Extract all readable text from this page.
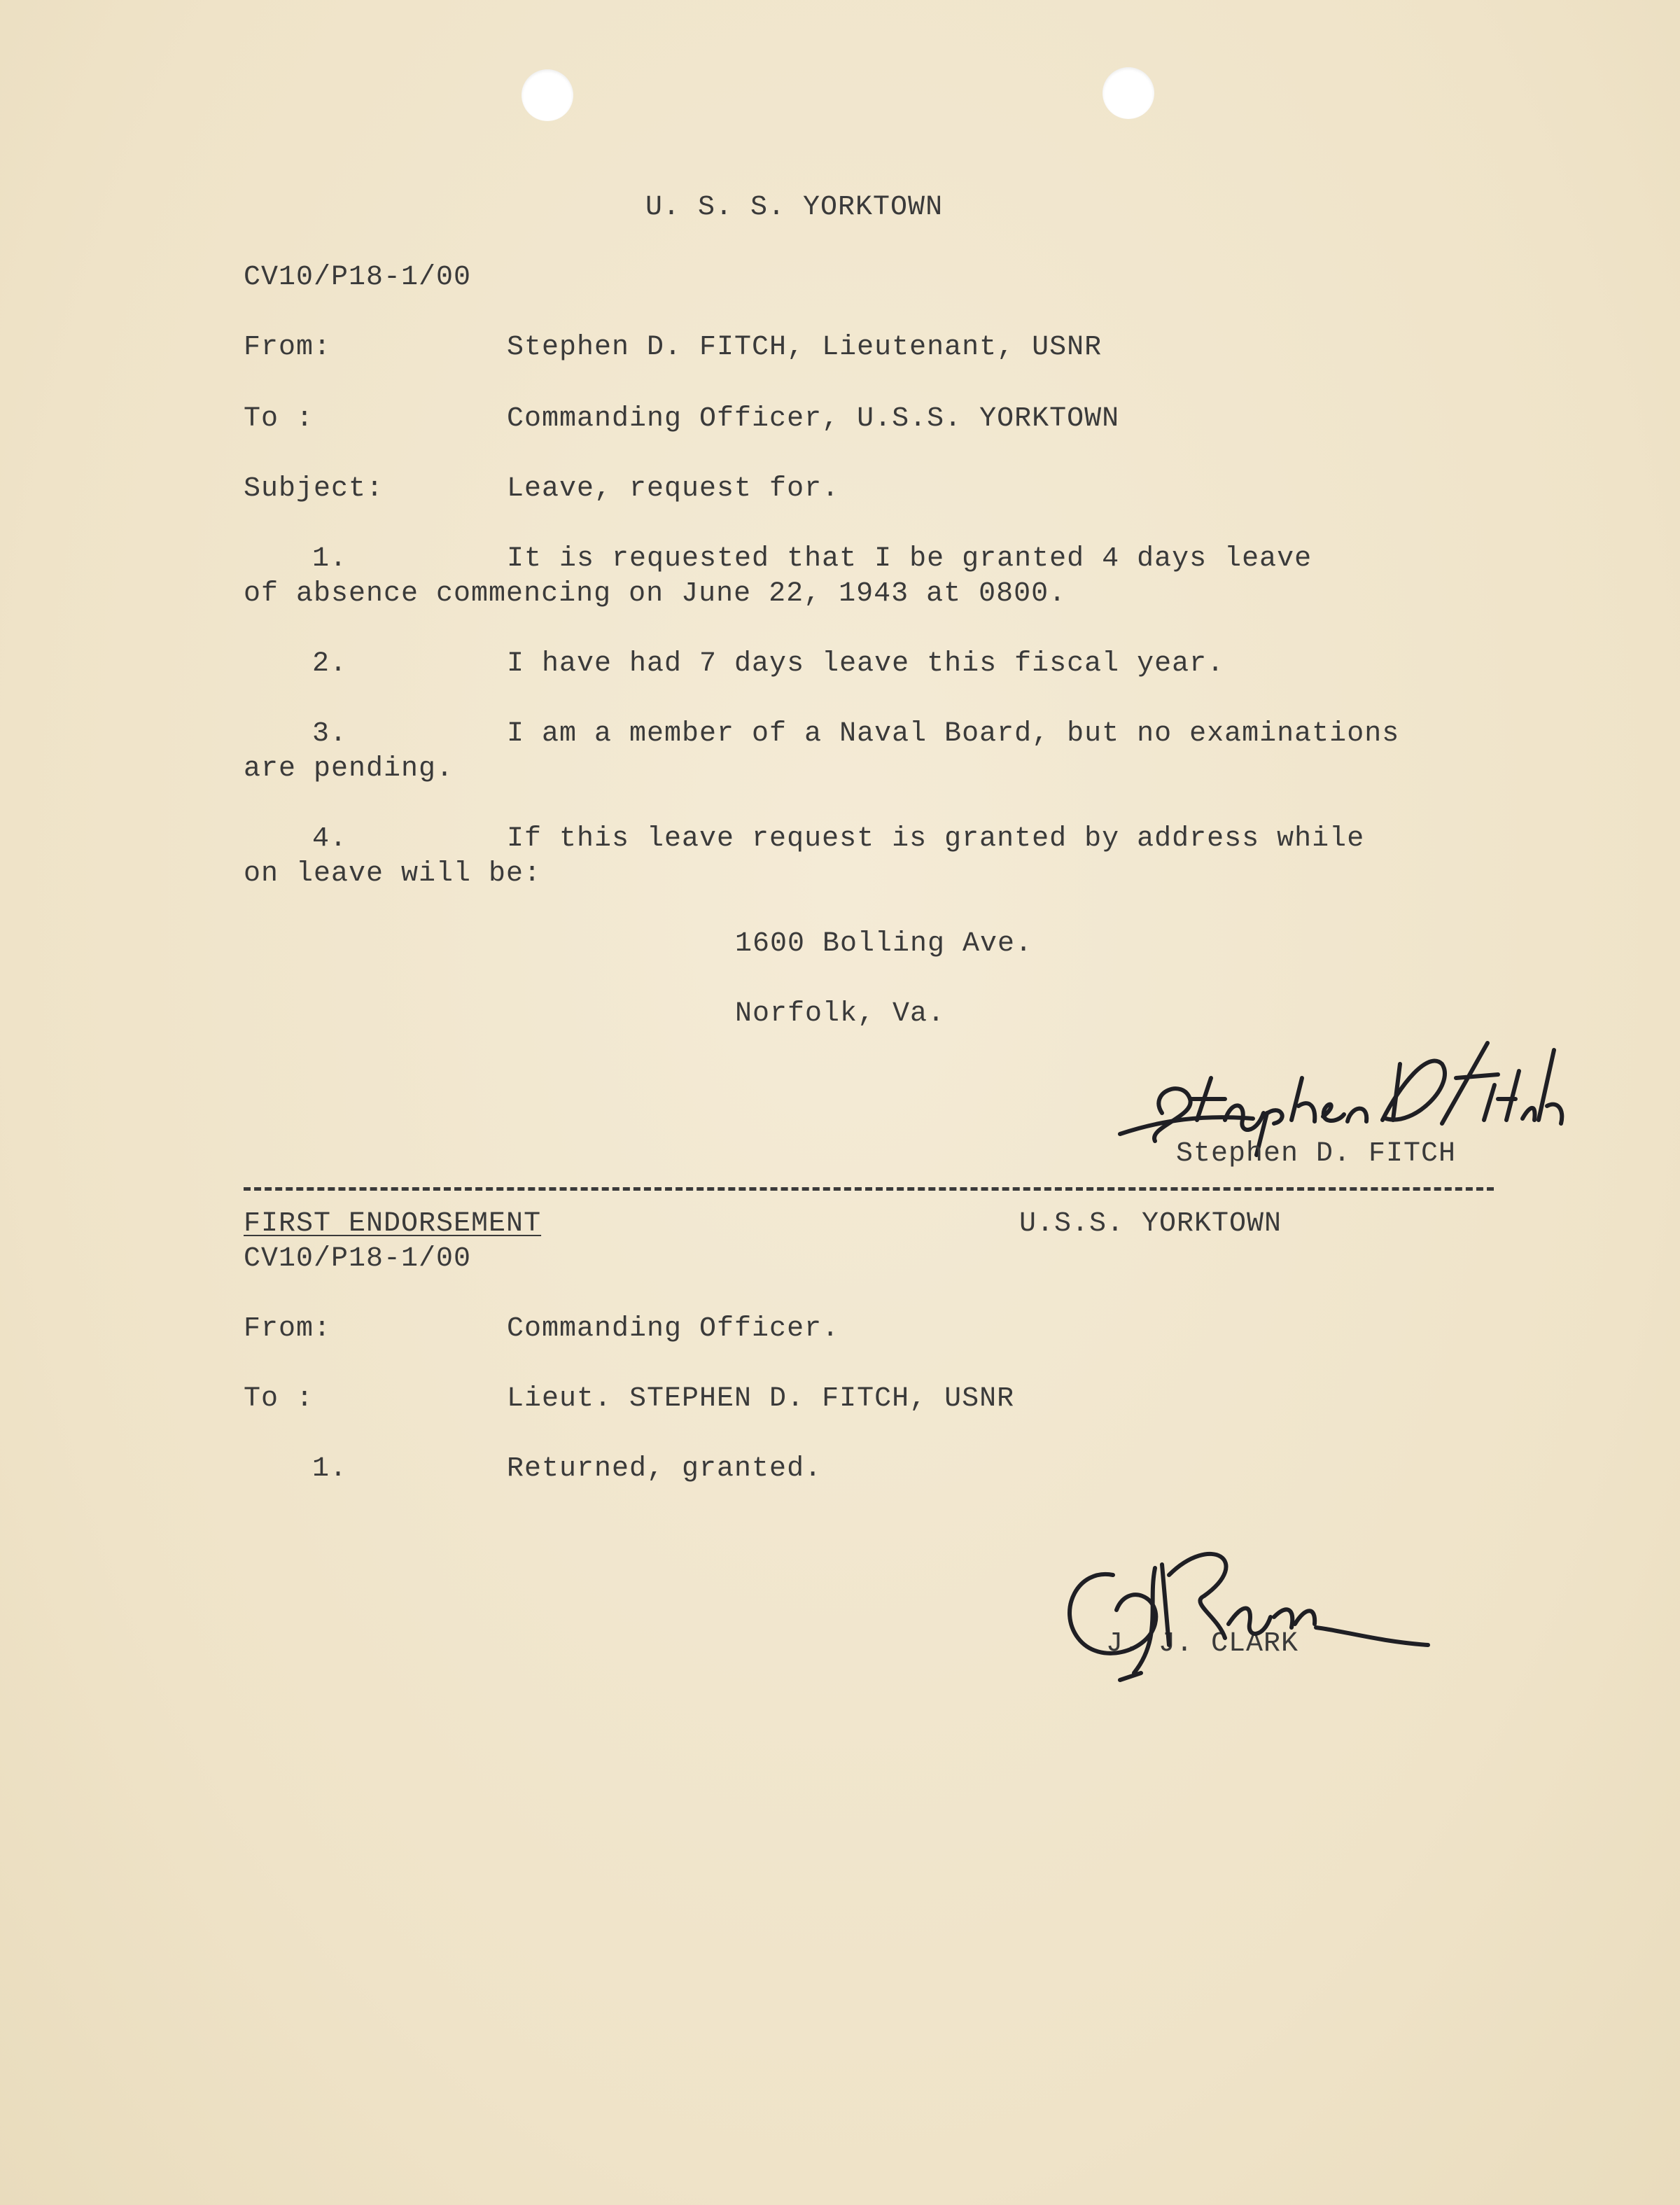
U. S. S. YORKTOWN
CV10/P18-1/00
From:	Stephen D. FITCH, Lieutenant, USNR
To :	Commanding Officer, U.S.S. YORKTOWN
Subject:	Leave, request for.
1.	It is requested that I be granted 4 days leave
of absence commencing on June 22, 1943 at 0800.
2.	I have had 7 days leave this fiscal year.
3.	I am a member of a Naval Board, but no examinations
are pending.
4.	If this leave request is granted by address while
on leave will be:
1600 Bolling Ave.
Norfolk, Va.
Stephen D. FITCH
FIRST ENDORSEMENT	U.S.S. YORKTOWN
CV10/P18-1/00
From:	Commanding Officer.
To :	Lieut. STEPHEN D. FITCH, USNR
1.	Returned, granted.
J. J. CLARK
